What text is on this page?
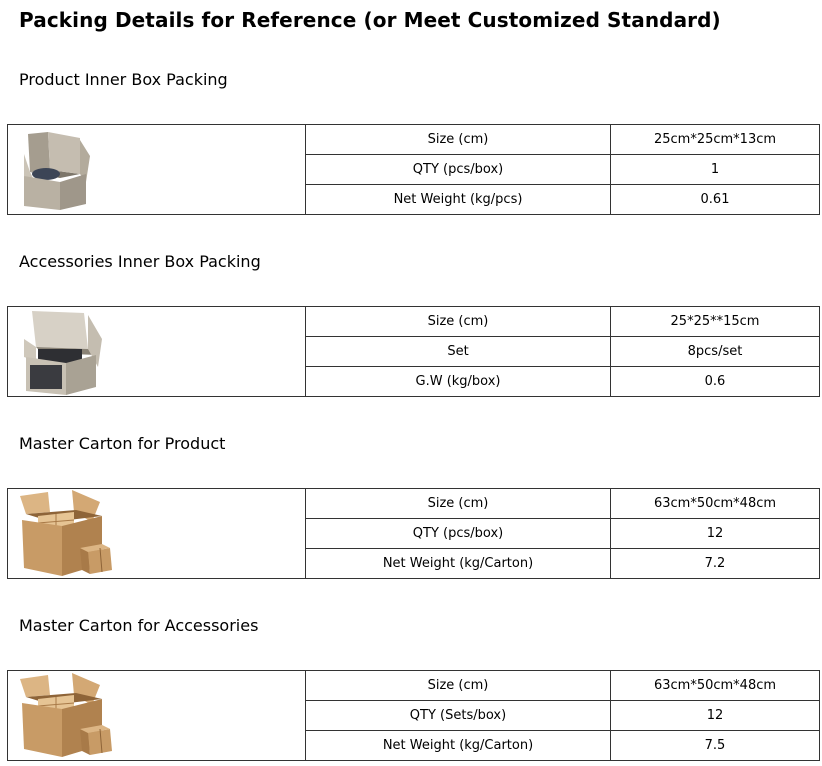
Packing Details for Reference (or Meet Customized Standard)
Product Inner Box Packing
	Size (cm)	25cm*25cm*13cm
	QTY (pcs/box)	1
	Net Weight (kg/pcs)	0.61
Accessories Inner Box Packing
	Size (cm)	25*25**15cm
	Set	8pcs/set
	G.W (kg/box)	0.6
Master Carton for Product
	Size (cm)	63cm*50cm*48cm
	QTY (pcs/box)	12
	Net Weight (kg/Carton)	7.2
Master Carton for Accessories
	Size (cm)	63cm*50cm*48cm
	QTY (Sets/box)	12
	Net Weight (kg/Carton)	7.5
